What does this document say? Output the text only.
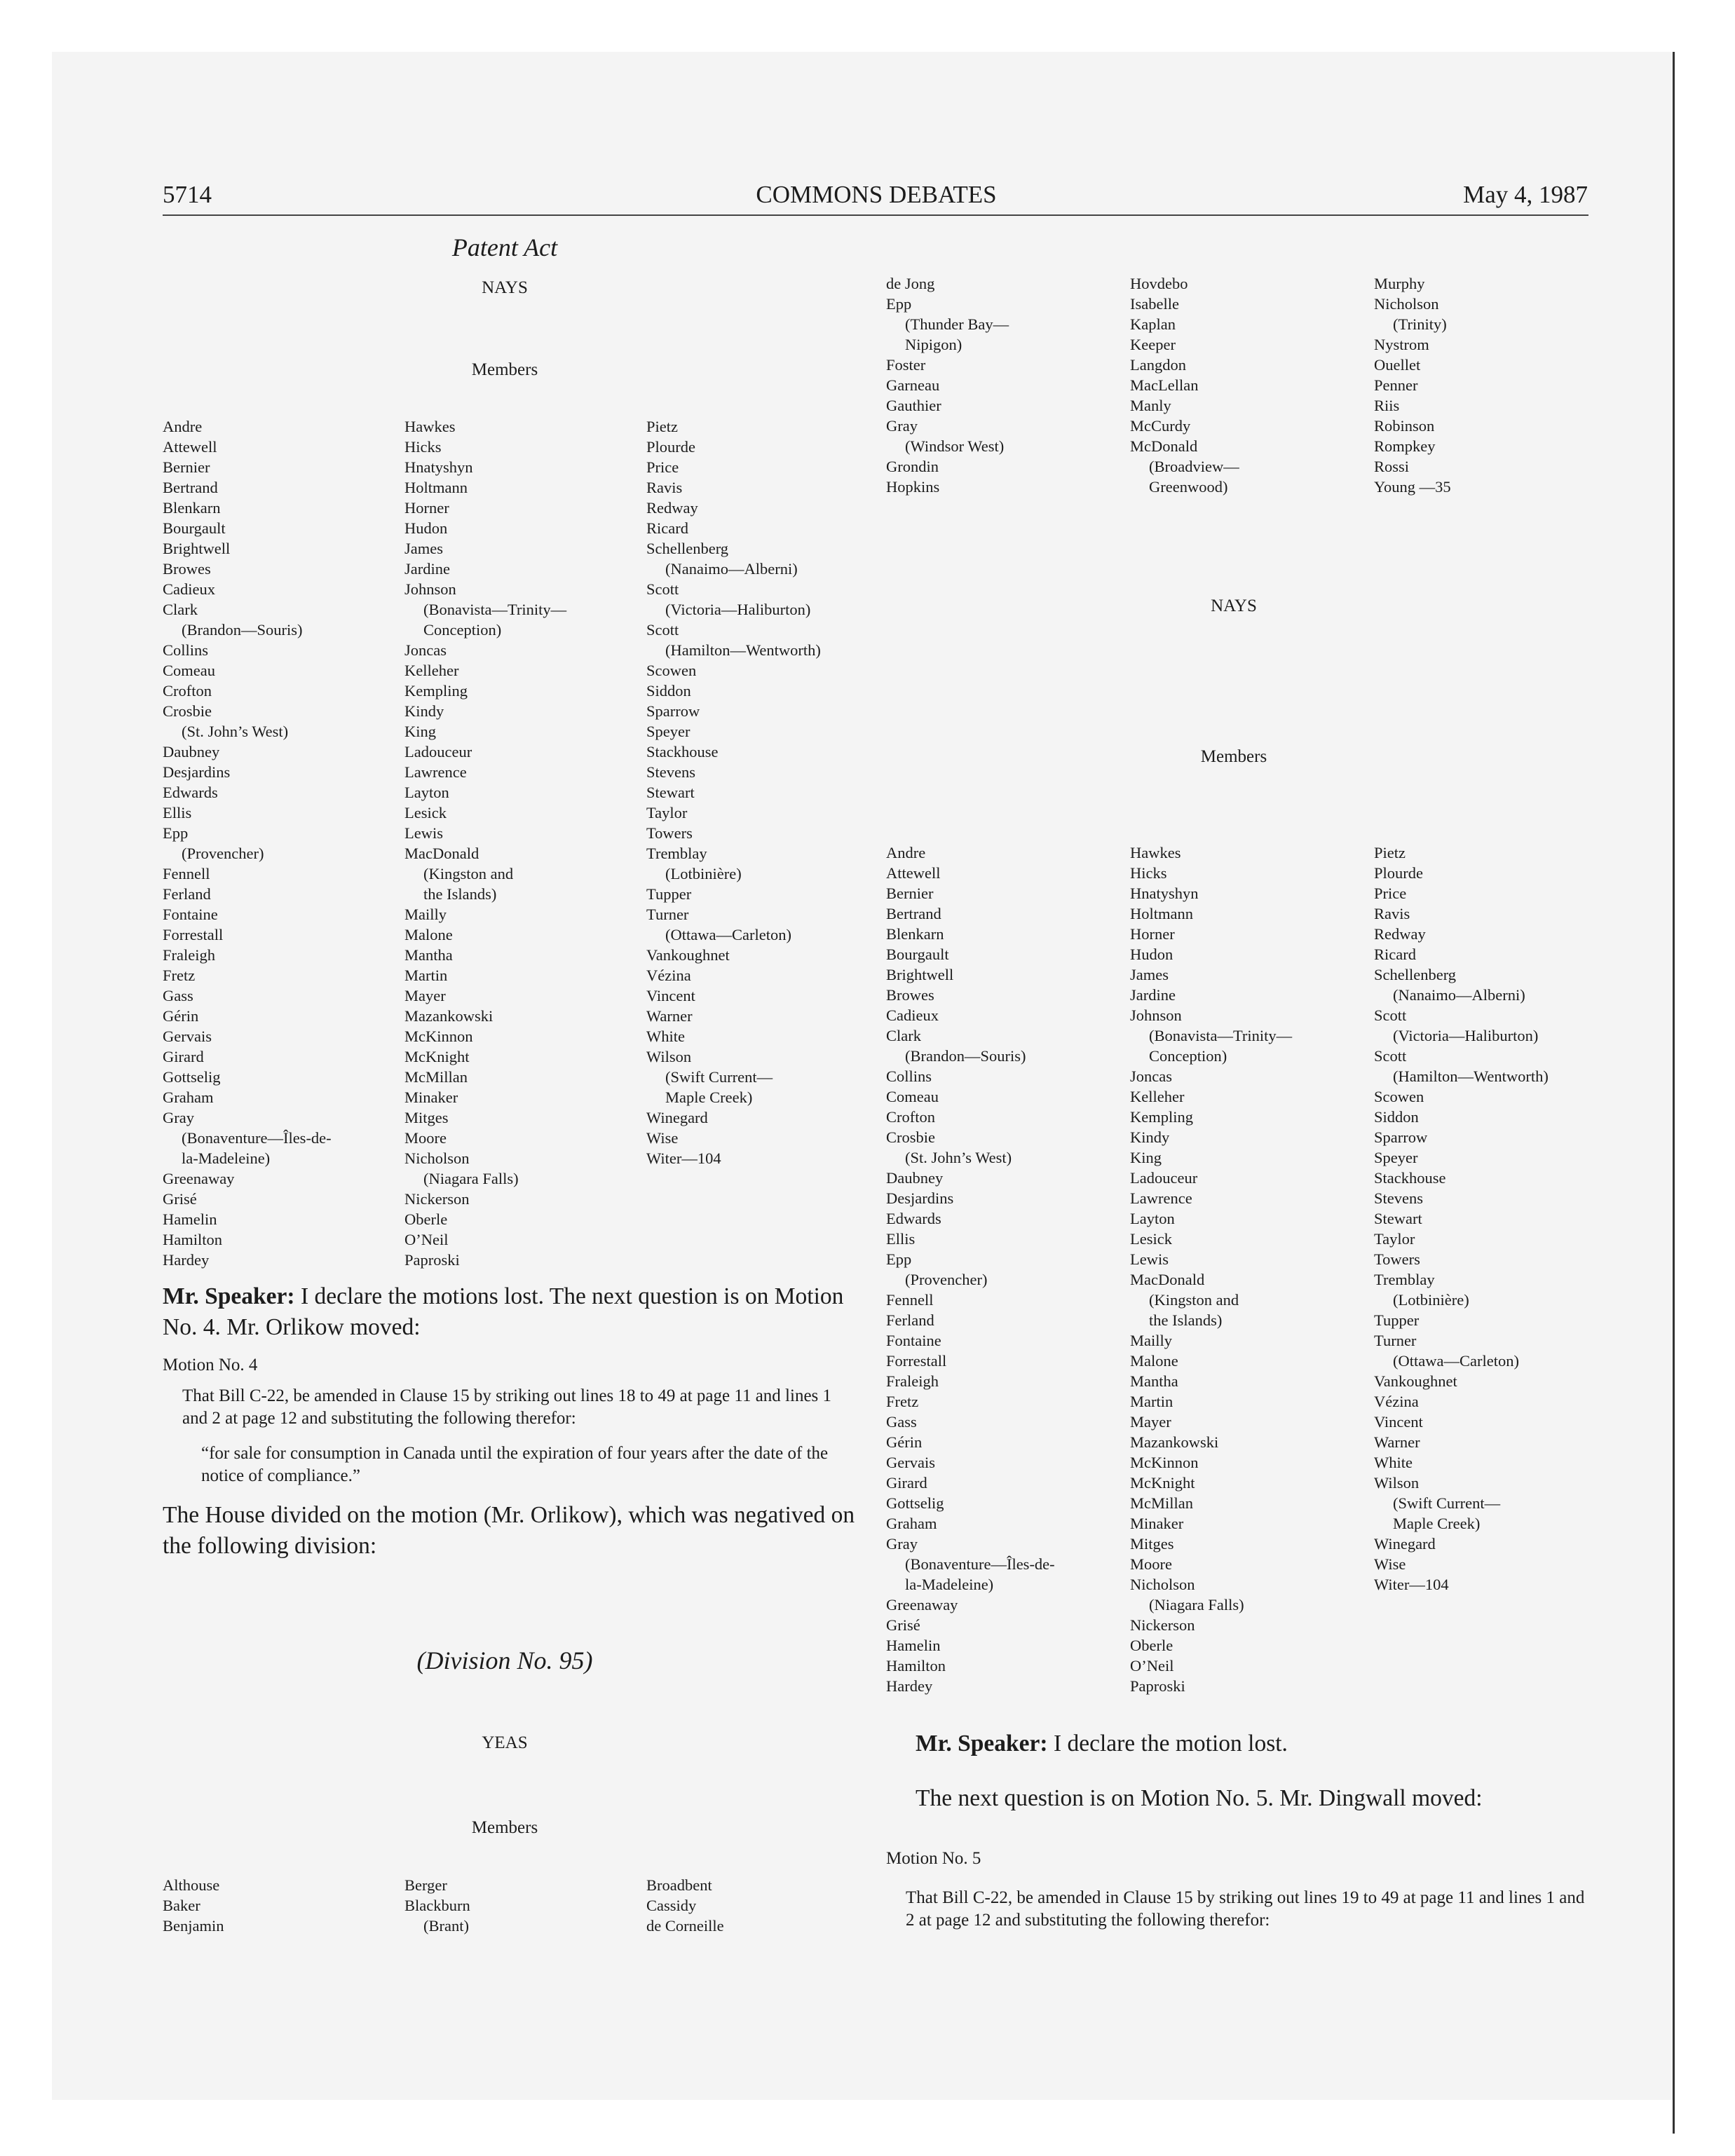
5714	COMMONS DEBATES	May 4, 1987
Patent Act
NAYS
Members
Andre
Attewell
Bernier
Bertrand
Blenkarn
Bourgault
Brightwell
Browes
Cadieux
Clark
(Brandon—Souris)
Collins
Comeau
Crofton
Crosbie
(St. John’s West)
Daubney
Desjardins
Edwards
Ellis
Epp
(Provencher)
Fennell
Ferland
Fontaine
Forrestall
Fraleigh
Fretz
Gass
Gérin
Gervais
Girard
Gottselig
Graham
Gray
(Bonaventure—Îles-de-
la-Madeleine)
Greenaway
Grisé
Hamelin
Hamilton
Hardey
Hawkes
Hicks
Hnatyshyn
Holtmann
Horner
Hudon
James
Jardine
Johnson
(Bonavista—Trinity—
Conception)
Joncas
Kelleher
Kempling
Kindy
King
Ladouceur
Lawrence
Layton
Lesick
Lewis
MacDonald
(Kingston and
the Islands)
Mailly
Malone
Mantha
Martin
Mayer
Mazankowski
McKinnon
McKnight
McMillan
Minaker
Mitges
Moore
Nicholson
(Niagara Falls)
Nickerson
Oberle
O’Neil
Paproski
Pietz
Plourde
Price
Ravis
Redway
Ricard
Schellenberg
(Nanaimo—Alberni)
Scott
(Victoria—Haliburton)
Scott
(Hamilton—Wentworth)
Scowen
Siddon
Sparrow
Speyer
Stackhouse
Stevens
Stewart
Taylor
Towers
Tremblay
(Lotbinière)
Tupper
Turner
(Ottawa—Carleton)
Vankoughnet
Vézina
Vincent
Warner
White
Wilson
(Swift Current—
Maple Creek)
Winegard
Wise
Witer—104
Mr. Speaker: I declare the motions lost. The next question is on Motion No. 4. Mr. Orlikow moved:
Motion No. 4
That Bill C-22, be amended in Clause 15 by striking out lines 18 to 49 at page 11 and lines 1 and 2 at page 12 and substituting the following therefor:
“for sale for consumption in Canada until the expiration of four years after the date of the notice of compliance.”
The House divided on the motion (Mr. Orlikow), which was negatived on the following division:
(Division No. 95)
YEAS
Members
Althouse
Baker
Benjamin
Berger
Blackburn
(Brant)
Broadbent
Cassidy
de Corneille
de Jong
Epp
(Thunder Bay—
Nipigon)
Foster
Garneau
Gauthier
Gray
(Windsor West)
Grondin
Hopkins
Hovdebo
Isabelle
Kaplan
Keeper
Langdon
MacLellan
Manly
McCurdy
McDonald
(Broadview—
Greenwood)
Murphy
Nicholson
(Trinity)
Nystrom
Ouellet
Penner
Riis
Robinson
Rompkey
Rossi
Young —35
NAYS
Members
Andre
Attewell
Bernier
Bertrand
Blenkarn
Bourgault
Brightwell
Browes
Cadieux
Clark
(Brandon—Souris)
Collins
Comeau
Crofton
Crosbie
(St. John’s West)
Daubney
Desjardins
Edwards
Ellis
Epp
(Provencher)
Fennell
Ferland
Fontaine
Forrestall
Fraleigh
Fretz
Gass
Gérin
Gervais
Girard
Gottselig
Graham
Gray
(Bonaventure—Îles-de-
la-Madeleine)
Greenaway
Grisé
Hamelin
Hamilton
Hardey
Hawkes
Hicks
Hnatyshyn
Holtmann
Horner
Hudon
James
Jardine
Johnson
(Bonavista—Trinity—
Conception)
Joncas
Kelleher
Kempling
Kindy
King
Ladouceur
Lawrence
Layton
Lesick
Lewis
MacDonald
(Kingston and
the Islands)
Mailly
Malone
Mantha
Martin
Mayer
Mazankowski
McKinnon
McKnight
McMillan
Minaker
Mitges
Moore
Nicholson
(Niagara Falls)
Nickerson
Oberle
O’Neil
Paproski
Pietz
Plourde
Price
Ravis
Redway
Ricard
Schellenberg
(Nanaimo—Alberni)
Scott
(Victoria—Haliburton)
Scott
(Hamilton—Wentworth)
Scowen
Siddon
Sparrow
Speyer
Stackhouse
Stevens
Stewart
Taylor
Towers
Tremblay
(Lotbinière)
Tupper
Turner
(Ottawa—Carleton)
Vankoughnet
Vézina
Vincent
Warner
White
Wilson
(Swift Current—
Maple Creek)
Winegard
Wise
Witer—104
Mr. Speaker: I declare the motion lost.
The next question is on Motion No. 5. Mr. Dingwall moved:
Motion No. 5
That Bill C-22, be amended in Clause 15 by striking out lines 19 to 49 at page 11 and lines 1 and 2 at page 12 and substituting the following therefor:
